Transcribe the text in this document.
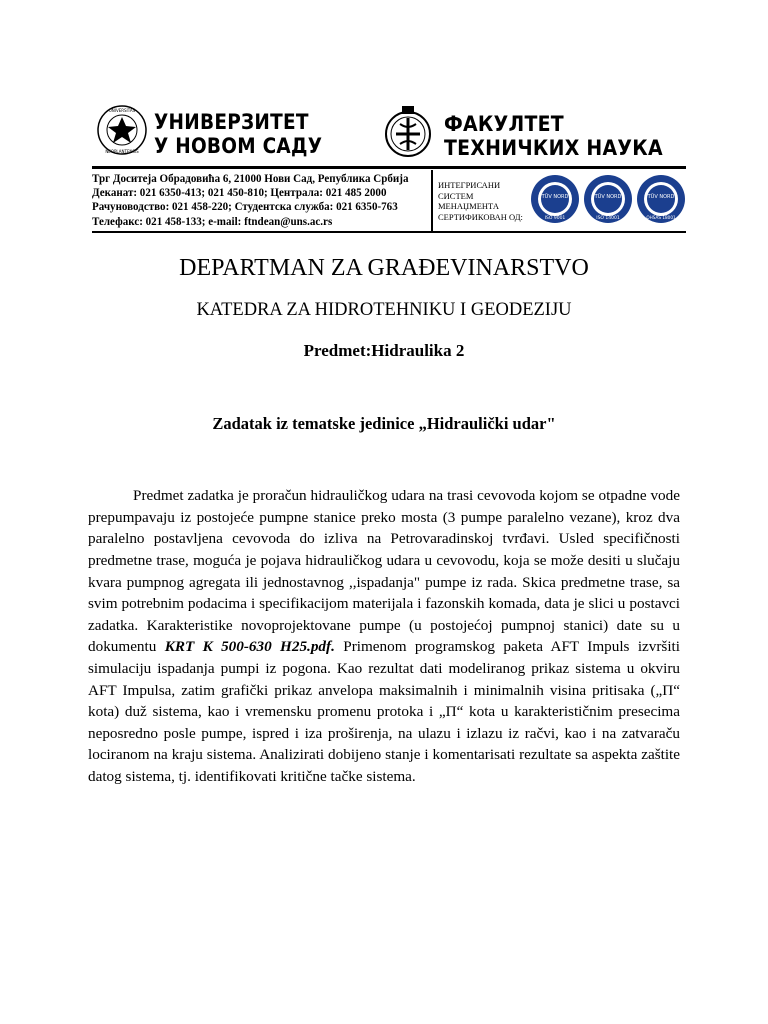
UNIVERSITAS
NEOPLANTENSIS
УНИВЕРЗИТЕТ
У НОВОМ САДУ
ФАКУЛТЕТ
ТЕХНИЧКИХ НАУКА
Трг Доситеја Обрадовића 6, 21000 Нови Сад, Република Србија
Деканат: 021 6350-413; 021 450-810; Централа: 021 485 2000
Рачуноводство: 021 458-220; Студентска служба: 021 6350-763
Телефакс: 021 458-133; e-mail: ftndean@uns.ac.rs
ИНТЕГРИСАНИ
СИСТЕМ
МЕНАЏМЕНТА
СЕРТИФИКОВАН ОД:
TÜV NORD
ISO 9001
TÜV NORD
ISO 14001
TÜV NORD
OHSAS 18001
DEPARTMAN ZA GRAĐEVINARSTVO
KATEDRA ZA HIDROTEHNIKU I GEODEZIJU
Predmet:Hidraulika 2
Zadatak iz tematske jedinice „Hidraulički udar"

Predmet zadatka je proračun hidrauličkog udara na trasi cevovoda kojom se otpadne vode prepumpavaju iz postojeće pumpne stanice preko mosta (3 pumpe paralelno vezane), kroz dva paralelno postavljena cevovoda do izliva na Petrovaradinskoj tvrđavi. Usled specifičnosti predmetne trase, moguća je pojava hidrauličkog udara u cevovodu, koja se može desiti u slučaju kvara pumpnog agregata ili jednostavnog ,,ispadanja" pumpe iz rada. Skica predmetne trase, sa svim potrebnim podacima i specifikacijom materijala i fazonskih komada, data je slici u postavci zadatka. Karakteristike novoprojektovane pumpe (u postojećoj pumpnoj stanici) date su u dokumentu KRT K 500-630 H25.pdf. Primenom programskog paketa AFT Impuls izvršiti simulaciju ispadanja pumpi iz pogona. Kao rezultat dati modeliranog prikaz sistema u okviru AFT Impulsa, zatim grafički prikaz anvelopa maksimalnih i minimalnih visina pritisaka („Π“ kota) duž sistema, kao i vremensku promenu protoka i „Π“ kota u karakterističnim presecima neposredno posle pumpe, ispred i iza proširenja, na ulazu i izlazu iz račvi, kao i na zatvaraču lociranom na kraju sistema. Analizirati dobijeno stanje i komentarisati rezultate sa aspekta zaštite datog sistema, tj. identifikovati kritične tačke sistema.
